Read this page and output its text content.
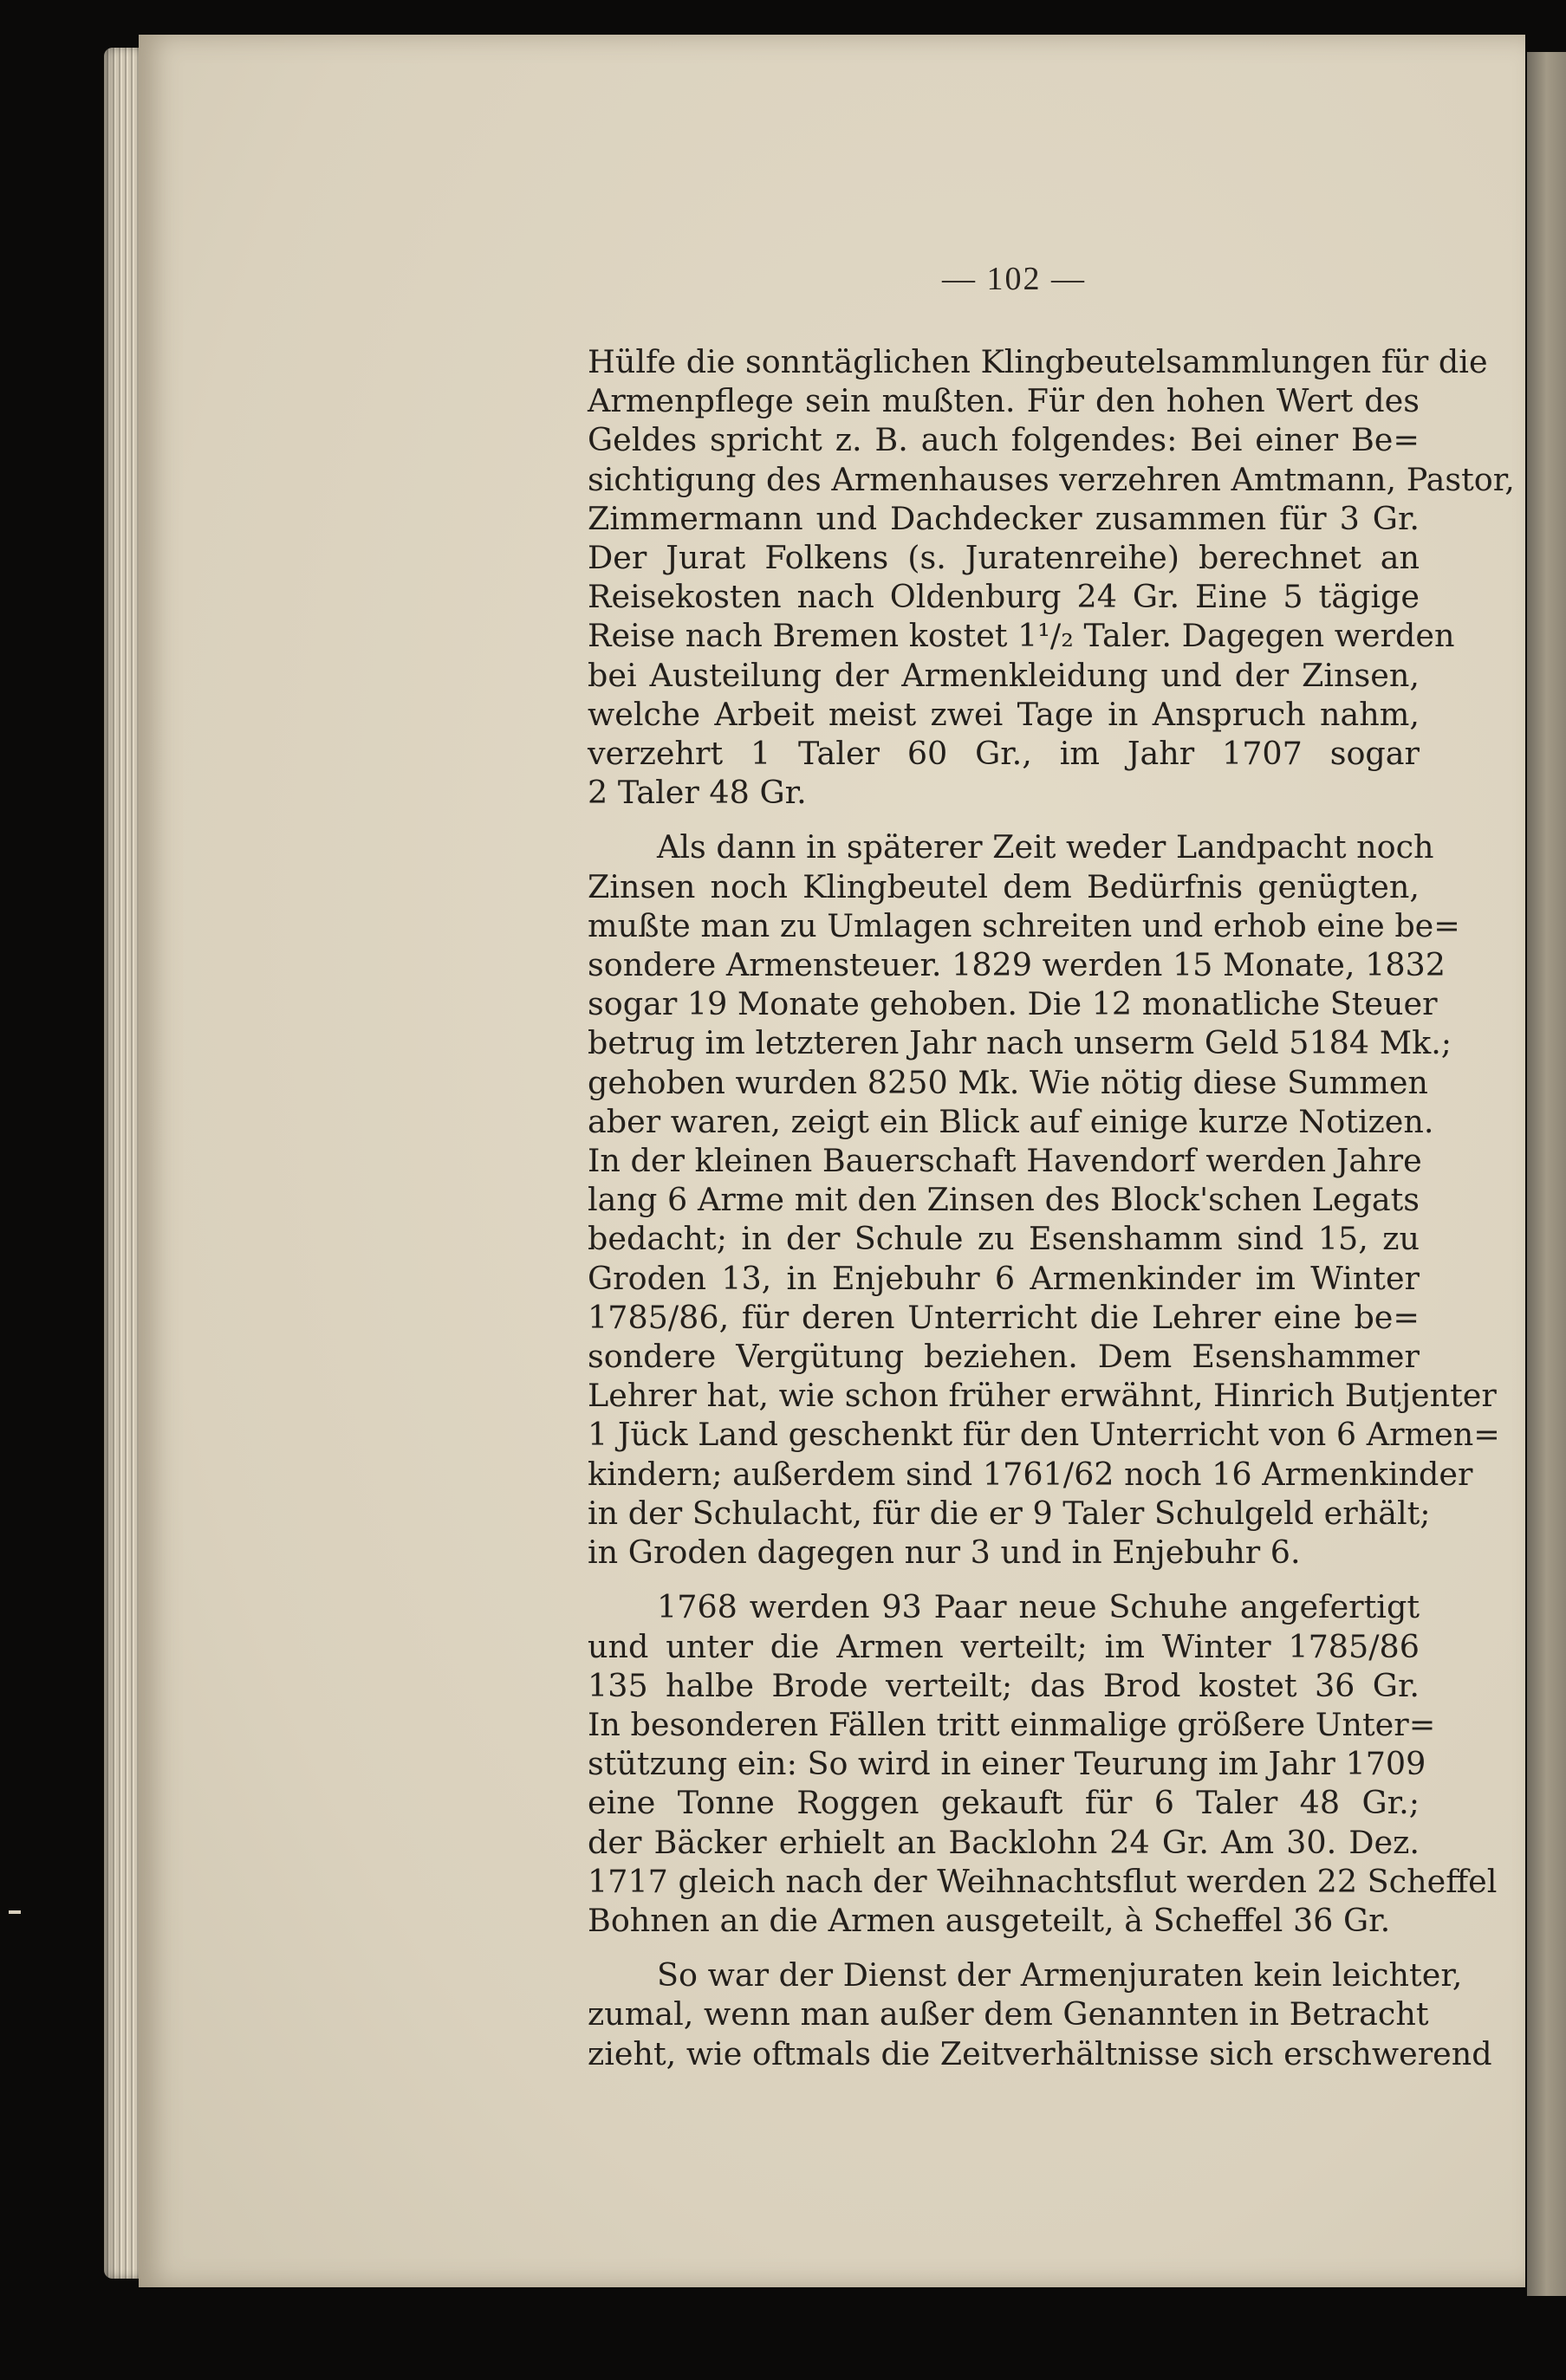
— 102 —
Hülfe die sonntäglichen Klingbeutelsammlungen für die
Armenpflege sein mußten. Für den hohen Wert des
Geldes spricht z. B. auch folgendes: Bei einer Be=
sichtigung des Armenhauses verzehren Amtmann, Pastor,
Zimmermann und Dachdecker zusammen für 3 Gr.
Der Jurat Folkens (s. Juratenreihe) berechnet an
Reisekosten nach Oldenburg 24 Gr. Eine 5 tägige
Reise nach Bremen kostet 1¹/₂ Taler. Dagegen werden
bei Austeilung der Armenkleidung und der Zinsen,
welche Arbeit meist zwei Tage in Anspruch nahm,
verzehrt 1 Taler 60 Gr., im Jahr 1707 sogar
2 Taler 48 Gr.
Als dann in späterer Zeit weder Landpacht noch
Zinsen noch Klingbeutel dem Bedürfnis genügten,
mußte man zu Umlagen schreiten und erhob eine be=
sondere Armensteuer. 1829 werden 15 Monate, 1832
sogar 19 Monate gehoben. Die 12 monatliche Steuer
betrug im letzteren Jahr nach unserm Geld 5184 Mk.;
gehoben wurden 8250 Mk. Wie nötig diese Summen
aber waren, zeigt ein Blick auf einige kurze Notizen.
In der kleinen Bauerschaft Havendorf werden Jahre
lang 6 Arme mit den Zinsen des Block'schen Legats
bedacht; in der Schule zu Esenshamm sind 15, zu
Groden 13, in Enjebuhr 6 Armenkinder im Winter
1785/86, für deren Unterricht die Lehrer eine be=
sondere Vergütung beziehen. Dem Esenshammer
Lehrer hat, wie schon früher erwähnt, Hinrich Butjenter
1 Jück Land geschenkt für den Unterricht von 6 Armen=
kindern; außerdem sind 1761/62 noch 16 Armenkinder
in der Schulacht, für die er 9 Taler Schulgeld erhält;
in Groden dagegen nur 3 und in Enjebuhr 6.
1768 werden 93 Paar neue Schuhe angefertigt
und unter die Armen verteilt; im Winter 1785/86
135 halbe Brode verteilt; das Brod kostet 36 Gr.
In besonderen Fällen tritt einmalige größere Unter=
stützung ein: So wird in einer Teurung im Jahr 1709
eine Tonne Roggen gekauft für 6 Taler 48 Gr.;
der Bäcker erhielt an Backlohn 24 Gr. Am 30. Dez.
1717 gleich nach der Weihnachtsflut werden 22 Scheffel
Bohnen an die Armen ausgeteilt, à Scheffel 36 Gr.
So war der Dienst der Armenjuraten kein leichter,
zumal, wenn man außer dem Genannten in Betracht
zieht, wie oftmals die Zeitverhältnisse sich erschwerend
